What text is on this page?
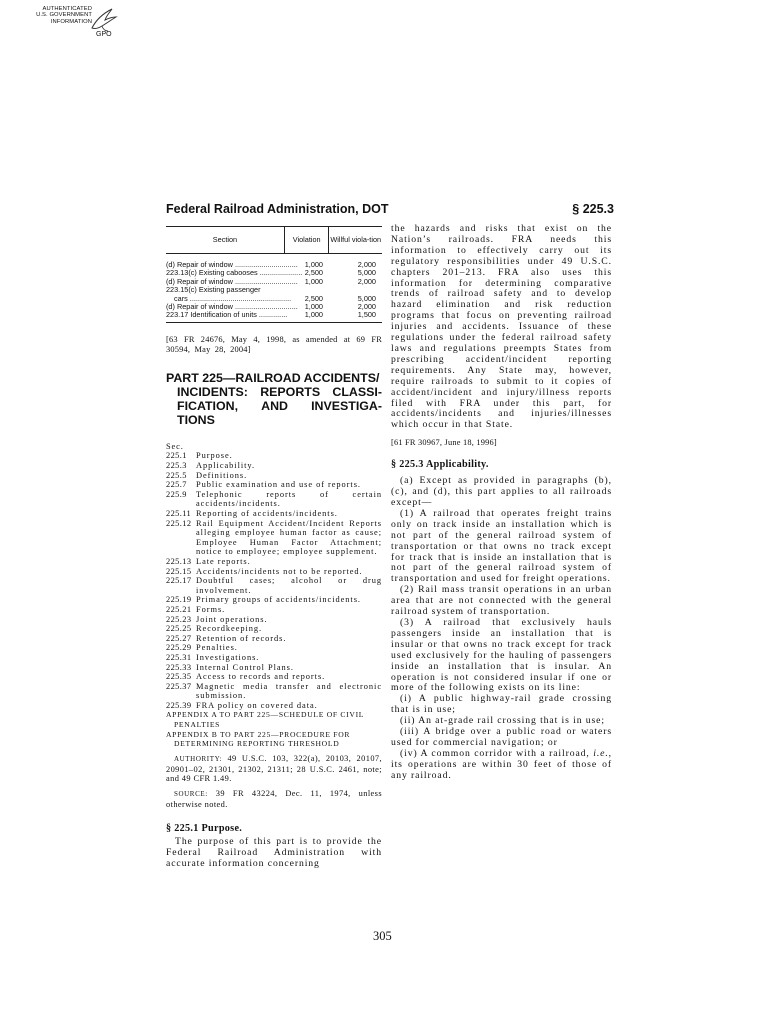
AUTHENTICATED
U.S. GOVERNMENT
INFORMATION
GPO
Federal Railroad Administration, DOT	§ 225.3
Section	Violation	Willful viola-tion
(d) Repair of window ............................... 1,000	2,000
223.13(c) Existing cabooses ..................... 2,500	5,000
(d) Repair of window ............................... 1,000	2,000
223.15(c) Existing passenger
cars ..................................................	2,500	5,000
(d) Repair of window ............................... 1,000	2,000
223.17 Identification of units ..............	1,000	1,500
[63 FR 24676, May 4, 1998, as amended at 69 FR 30594, May 28, 2004]
PART 225—RAILROAD ACCIDENTS/
INCIDENTS: REPORTS CLASSI-
FICATION, AND INVESTIGA-
TIONS
Sec.
225.1	Purpose.
225.3	Applicability.
225.5	Definitions.
225.7	Public examination and use of reports.
225.9	Telephonic reports of certain accidents/incidents.
225.11 Reporting of accidents/incidents.
225.12 Rail Equipment Accident/Incident Reports alleging employee human factor as cause; Employee Human Factor Attachment; notice to employee; employee supplement.
225.13 Late reports.
225.15 Accidents/incidents not to be reported.
225.17 Doubtful cases; alcohol or drug involvement.
225.19 Primary groups of accidents/incidents.
225.21 Forms.
225.23 Joint operations.
225.25 Recordkeeping.
225.27 Retention of records.
225.29 Penalties.
225.31 Investigations.
225.33 Internal Control Plans.
225.35 Access to records and reports.
225.37 Magnetic media transfer and electronic submission.
225.39 FRA policy on covered data.
APPENDIX A TO PART 225—SCHEDULE OF CIVIL PENALTIES
APPENDIX B TO PART 225—PROCEDURE FOR DETERMINING REPORTING THRESHOLD
AUTHORITY: 49 U.S.C. 103, 322(a), 20103, 20107, 20901–02, 21301, 21302, 21311; 28 U.S.C. 2461, note; and 49 CFR 1.49.
SOURCE: 39 FR 43224, Dec. 11, 1974, unless otherwise noted.
§ 225.1 Purpose.

The purpose of this part is to provide the Federal Railroad Administration with accurate information concerning

the hazards and risks that exist on the Nation’s railroads. FRA needs this information to effectively carry out its regulatory responsibilities under 49 U.S.C. chapters 201–213. FRA also uses this information for determining comparative trends of railroad safety and to develop hazard elimination and risk reduction programs that focus on preventing railroad injuries and accidents. Issuance of these regulations under the federal railroad safety laws and regulations preempts States from prescribing accident/incident reporting requirements. Any State may, however, require railroads to submit to it copies of accident/incident and injury/illness reports filed with FRA under this part, for accidents/incidents and injuries/illnesses which occur in that State.

[61 FR 30967, June 18, 1996]
§ 225.3 Applicability.

(a) Except as provided in paragraphs (b), (c), and (d), this part applies to all railroads except—

(1) A railroad that operates freight trains only on track inside an installation which is not part of the general railroad system of transportation or that owns no track except for track that is inside an installation that is not part of the general railroad system of transportation and used for freight operations.

(2) Rail mass transit operations in an urban area that are not connected with the general railroad system of transportation.

(3) A railroad that exclusively hauls passengers inside an installation that is insular or that owns no track except for track used exclusively for the hauling of passengers inside an installation that is insular. An operation is not considered insular if one or more of the following exists on its line:

(i) A public highway-rail grade crossing that is in use;

(ii) An at-grade rail crossing that is in use;

(iii) A bridge over a public road or waters used for commercial navigation; or

(iv) A common corridor with a railroad, i.e., its operations are within 30 feet of those of any railroad.

305
